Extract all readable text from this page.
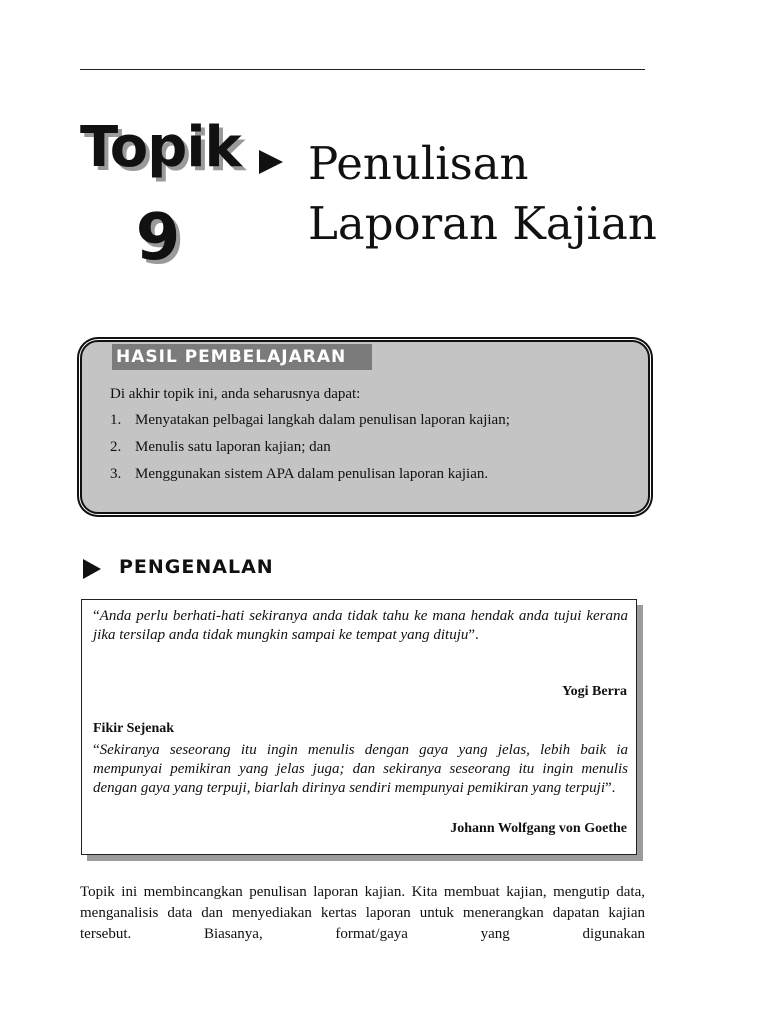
Topik
9
Penulisan
Laporan Kajian
HASIL PEMBELAJARAN
Di akhir topik ini, anda seharusnya dapat:
1. Menyatakan pelbagai langkah dalam penulisan laporan kajian;
2. Menulis satu laporan kajian; dan
3. Menggunakan sistem APA dalam penulisan laporan kajian.
PENGENALAN
“Anda perlu berhati-hati sekiranya anda tidak tahu ke mana hendak anda tujui kerana jika tersilap anda tidak mungkin sampai ke tempat yang dituju”.
Yogi Berra
Fikir Sejenak
“Sekiranya seseorang itu ingin menulis dengan gaya yang jelas, lebih baik ia mempunyai pemikiran yang jelas juga; dan sekiranya seseorang itu ingin menulis dengan gaya yang terpuji, biarlah dirinya sendiri mempunyai pemikiran yang terpuji”.
Johann Wolfgang von Goethe
Topik ini membincangkan penulisan laporan kajian. Kita membuat kajian, mengutip data, menganalisis data dan menyediakan kertas laporan untuk menerangkan dapatan kajian tersebut. Biasanya, format/gaya yang digunakan
